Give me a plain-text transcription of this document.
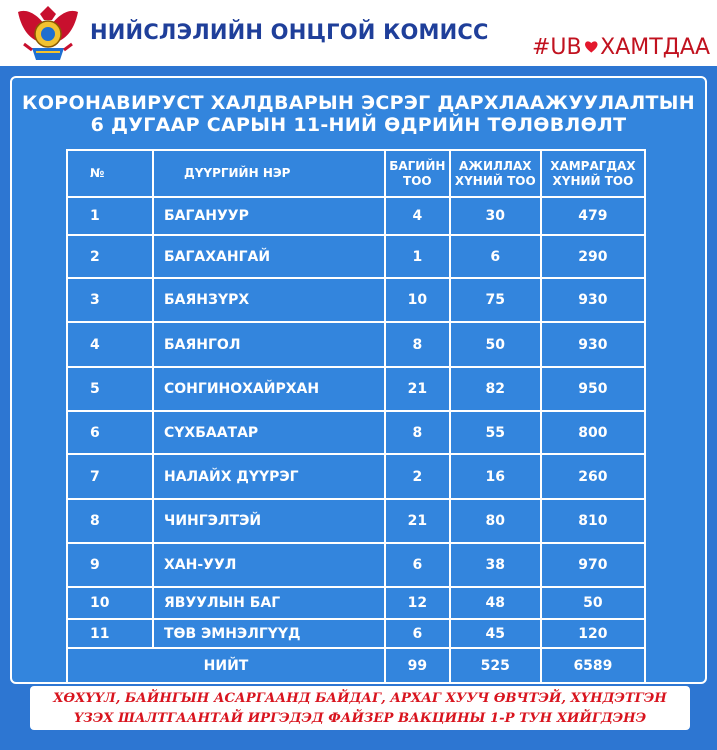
НИЙСЛЭЛИЙН ОНЦГОЙ КОМИСС
#UB ХАМТДАА
КОРОНАВИРУСТ ХАЛДВАРЫН ЭСРЭГ ДАРХЛААЖУУЛАЛТЫН
6 ДУГААР САРЫН 11-НИЙ ӨДРИЙН ТӨЛӨВЛӨЛТ
№	ДҮҮРГИЙН НЭР	БАГИЙН ТОО	АЖИЛЛАХ ХҮНИЙ ТОО	ХАМРАГДАХ ХҮНИЙ ТОО
1	БАГАНУУР	4	30	479
2	БАГАХАНГАЙ	1	6	290
3	БАЯНЗҮРХ	10	75	930
4	БАЯНГОЛ	8	50	930
5	СОНГИНОХАЙРХАН	21	82	950
6	СҮХБААТАР	8	55	800
7	НАЛАЙХ ДҮҮРЭГ	2	16	260
8	ЧИНГЭЛТЭЙ	21	80	810
9	ХАН-УУЛ	6	38	970
10	ЯВУУЛЫН БАГ	12	48	50
11	ТӨВ ЭМНЭЛГҮҮД	6	45	120
НИЙТ		99	525	6589
ХӨХҮҮЛ, БАЙНГЫН АСАРГААНД БАЙДАГ, АРХАГ ХУУЧ ӨВЧТЭЙ, ХҮНДЭТГЭН
ҮЗЭХ ШАЛТГААНТАЙ ИРГЭДЭД ФАЙЗЕР ВАКЦИНЫ 1-Р ТУН ХИЙГДЭНЭ
